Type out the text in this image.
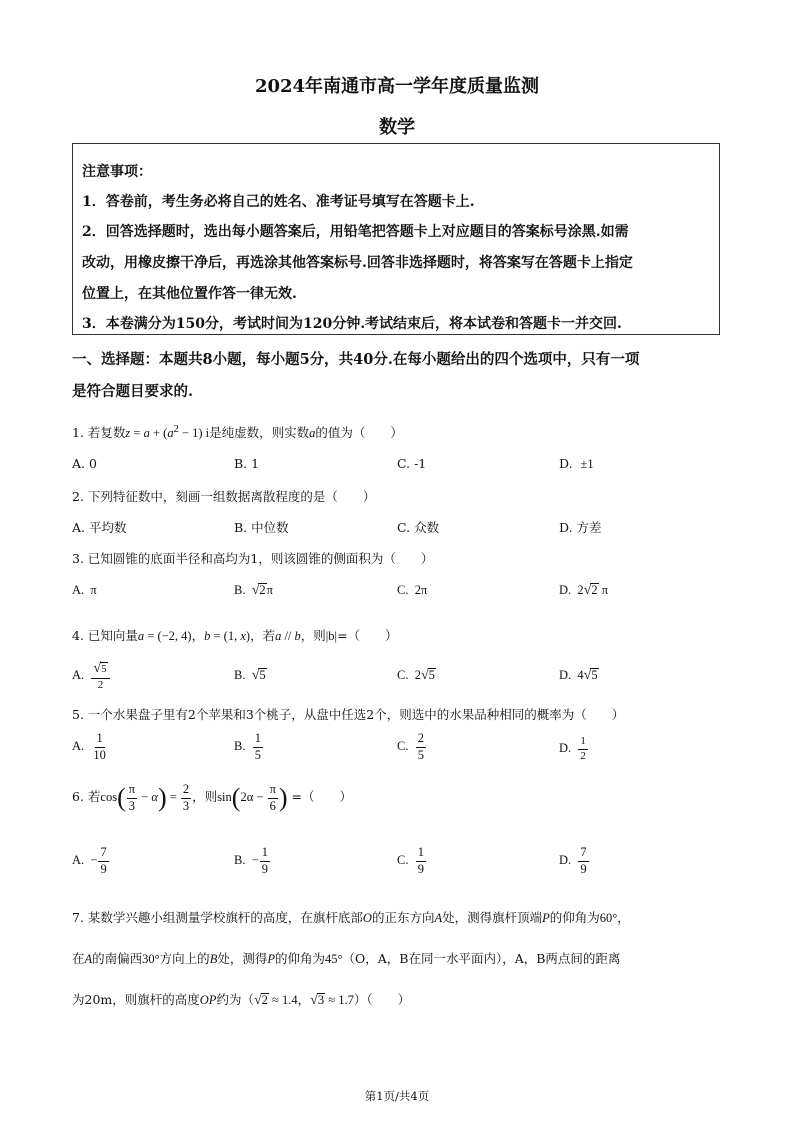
2024年南通市高一学年度质量监测
数学
注意事项：
1．答卷前，考生务必将自己的姓名、准考证号填写在答题卡上.
2．回答选择题时，选出每小题答案后，用铅笔把答题卡上对应题目的答案标号涂黑.如需
改动，用橡皮擦干净后，再选涂其他答案标号.回答非选择题时，将答案写在答题卡上指定
位置上，在其他位置作答一律无效.
3．本卷满分为150分，考试时间为120分钟.考试结束后，将本试卷和答题卡一并交回.
一、选择题：本题共8小题，每小题5分，共40分.在每小题给出的四个选项中，只有一项
是符合题目要求的.
1. 若复数$z = a + (a^2 - 1)$ i是纯虚数，则实数a的值为（　　）
A. 0	B. 1	C. -1	D. ±1
2. 下列特征数中，刻画一组数据离散程度的是（　　）
A. 平均数	B. 中位数	C. 众数	D. 方差
3. 已知圆锥的底面半径和高均为1，则该圆锥的侧面积为（　　）
A. π	B. √2π	C. 2π	D. 2√2 π
4. 已知向量a = (−2, 4)，b = (1, x)，若a // b，则|b|=（　　）
A. $\frac{√5}{2}$	B. √5	C. 2√5	D. 4√5
5. 一个水果盘子里有2个苹果和3个桃子，从盘中任选2个，则选中的水果品种相同的概率为（　　）
A. $\frac{1}{10}$	B. $\frac{1}{5}$	C. $\frac{2}{5}$	D. $\frac{1}{2}$
6. 若$\cos( \frac{\pi}{3} - \alpha) = \frac{2}{3}$ ，则$\sin(2\alpha - \frac{\pi}{6}$ ) =（　　）
A. − $\frac{7}{9}$	B. − $\frac{1}{9}$	C. $\frac{1}{9}$	D. $\frac{7}{9}$
7. 某数学兴趣小组测量学校旗杆的高度，在旗杆底部O的正东方向A处，测得旗杆顶端P的仰角为60°，
在A的南偏西30°方向上的B处，测得P的仰角为45°（O，A，B在同一水平面内），A，B两点间的距离
为20m，则旗杆的高度OP约为（√2 ≈ 1.4，√3 ≈ 1.7）（　　）
第1页/共4页
